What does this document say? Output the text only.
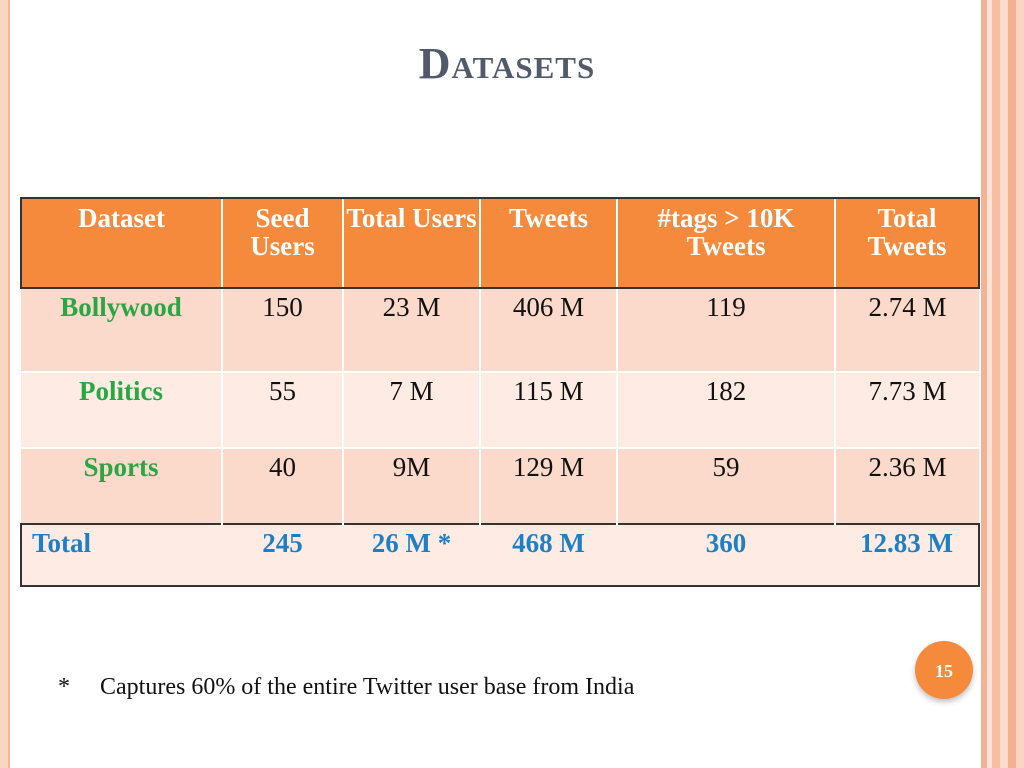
Datasets
Dataset	Seed Users	Total Users	Tweets	#tags > 10K Tweets	Total Tweets
Bollywood	150	23 M	406 M	119	2.74 M
Politics	55	7 M	115 M	182	7.73 M
Sports	40	9M	129 M	59	2.36 M
Total	245	26 M *	468 M	360	12.83 M
* Captures 60% of the entire Twitter user base from India
15
